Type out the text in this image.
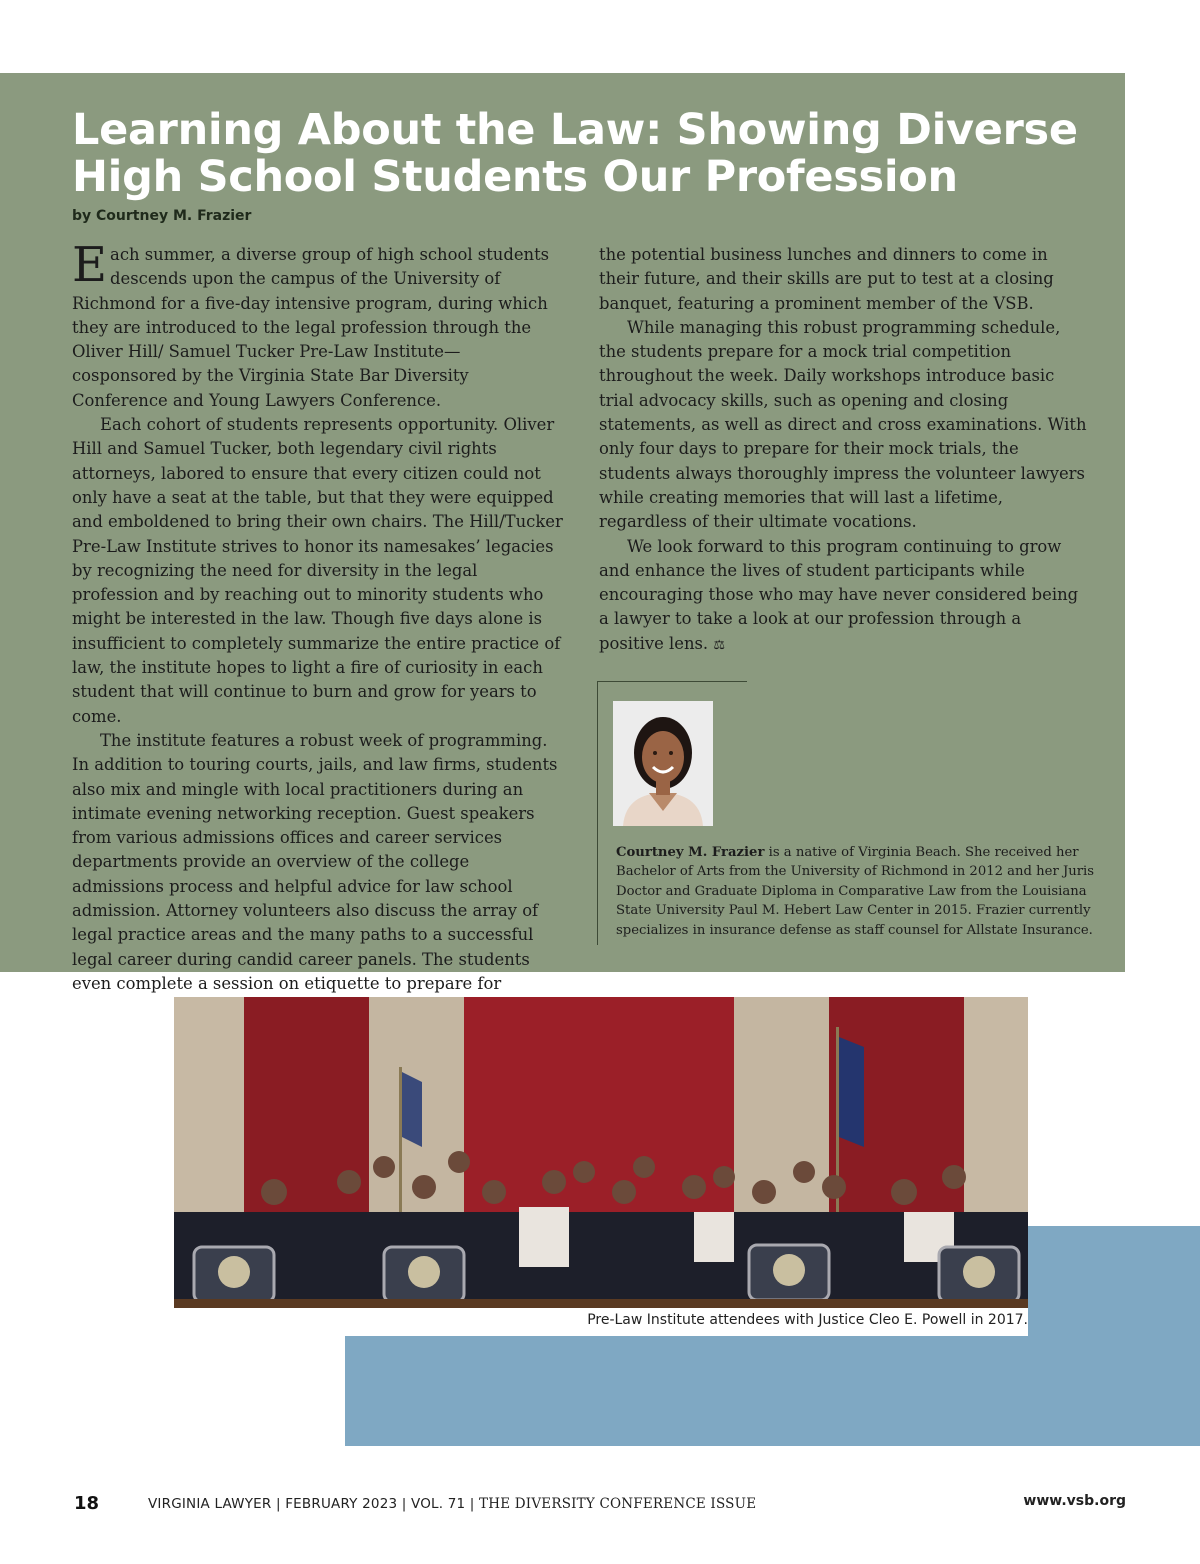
Learning About the Law: Showing Diverse
High School Students Our Profession
by Courtney M. Frazier

Each summer, a diverse group of high school students descends upon the campus of the University of Richmond for a five-day intensive program, during which they are introduced to the legal profession through the Oliver Hill/ Samuel Tucker Pre-Law Institute—cosponsored by the Virginia State Bar Diversity Conference and Young Lawyers Conference.

Each cohort of students represents opportunity. Oliver Hill and Samuel Tucker, both legendary civil rights attorneys, labored to ensure that every citizen could not only have a seat at the table, but that they were equipped and emboldened to bring their own chairs. The Hill/Tucker Pre-Law Institute strives to honor its namesakes’ legacies by recognizing the need for diversity in the legal profession and by reaching out to minority students who might be interested in the law. Though five days alone is insufficient to completely summarize the entire practice of law, the institute hopes to light a fire of curiosity in each student that will continue to burn and grow for years to come.

The institute features a robust week of programming. In addition to touring courts, jails, and law firms, students also mix and mingle with local practitioners during an intimate evening networking reception. Guest speakers from various admissions offices and career services departments provide an overview of the college admissions process and helpful advice for law school admission. Attorney volunteers also discuss the array of legal practice areas and the many paths to a successful legal career during candid career panels. The students even complete a session on etiquette to prepare for

the potential business lunches and dinners to come in their future, and their skills are put to test at a closing banquet, featuring a prominent member of the VSB.

While managing this robust programming schedule, the students prepare for a mock trial competition throughout the week. Daily workshops introduce basic trial advocacy skills, such as opening and closing statements, as well as direct and cross examinations. With only four days to prepare for their mock trials, the students always thoroughly impress the volunteer lawyers while creating memories that will last a lifetime, regardless of their ultimate vocations.

We look forward to this program continuing to grow and enhance the lives of student participants while encouraging those who may have never considered being a lawyer to take a look at our profession through a positive lens. ⚖

Courtney M. Frazier is a native of Virginia Beach. She received her Bachelor of Arts from the University of Richmond in 2012 and her Juris Doctor and Graduate Diploma in Comparative Law from the Louisiana State University Paul M. Hebert Law Center in 2015. Frazier currently specializes in insurance defense as staff counsel for Allstate Insurance.
Pre-Law Institute attendees with Justice Cleo E. Powell in 2017.
18	VIRGINIA LAWYER | FEBRUARY 2023 | VOL. 71 | THE DIVERSITY CONFERENCE ISSUE	www.vsb.org
